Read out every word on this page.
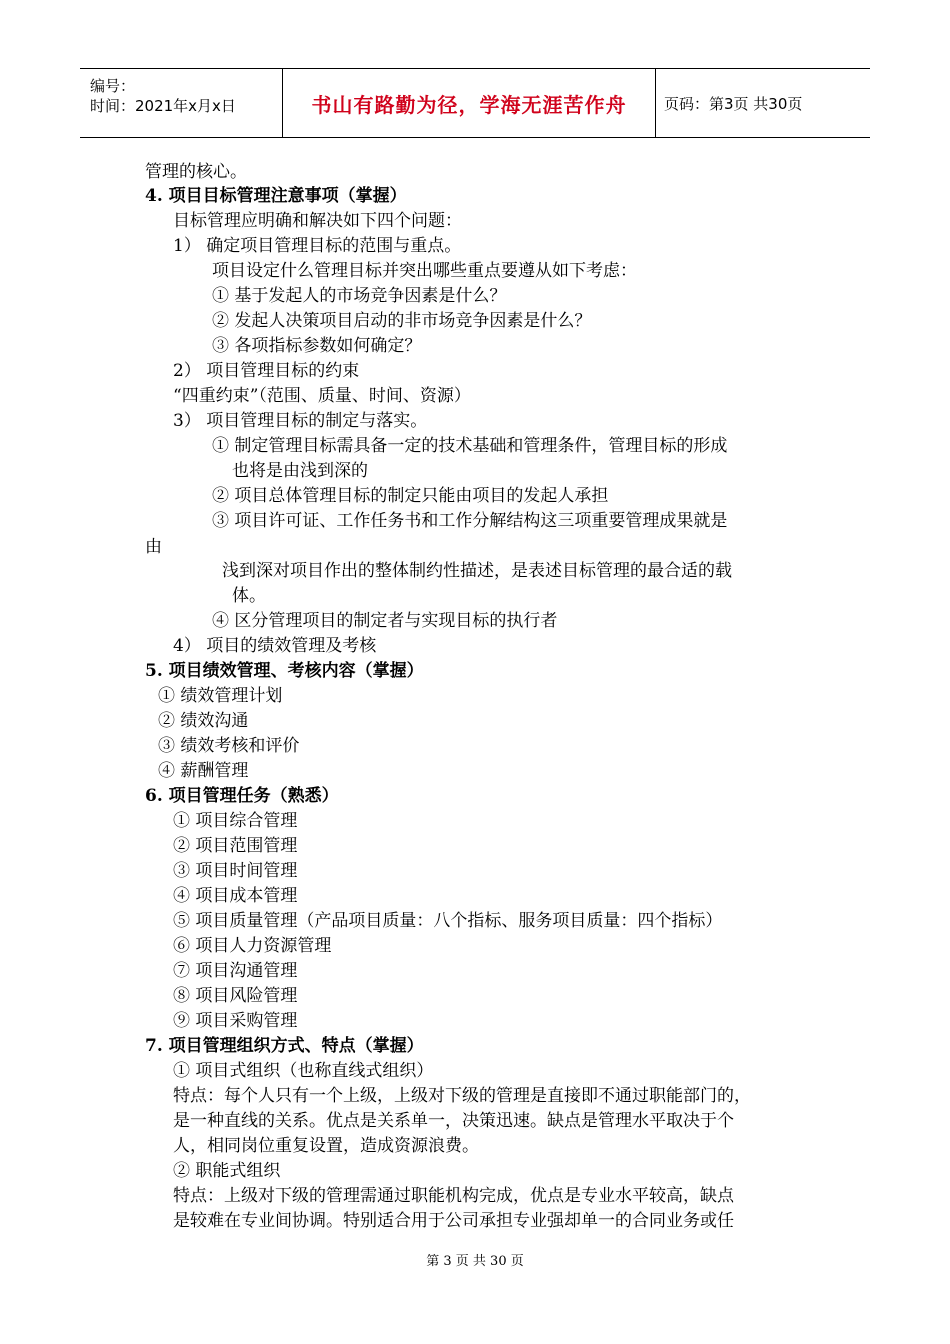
编号：
时间：2021年x月x日	书山有路勤为径，学海无涯苦作舟	页码：第3页 共30页
管理的核心。
4. 项目目标管理注意事项（掌握）
目标管理应明确和解决如下四个问题：
1） 确定项目管理目标的范围与重点。
项目设定什么管理目标并突出哪些重点要遵从如下考虑：
① 基于发起人的市场竞争因素是什么？
② 发起人决策项目启动的非市场竞争因素是什么？
③ 各项指标参数如何确定？
2） 项目管理目标的约束
“四重约束”（范围、质量、时间、资源）
3） 项目管理目标的制定与落实。
① 制定管理目标需具备一定的技术基础和管理条件，管理目标的形成
也将是由浅到深的
② 项目总体管理目标的制定只能由项目的发起人承担
③ 项目许可证、工作任务书和工作分解结构这三项重要管理成果就是
由
浅到深对项目作出的整体制约性描述，是表述目标管理的最合适的载
体。
④ 区分管理项目的制定者与实现目标的执行者
4） 项目的绩效管理及考核
5. 项目绩效管理、考核内容（掌握）
① 绩效管理计划
② 绩效沟通
③ 绩效考核和评价
④ 薪酬管理
6. 项目管理任务（熟悉）
① 项目综合管理
② 项目范围管理
③ 项目时间管理
④ 项目成本管理
⑤ 项目质量管理（产品项目质量：八个指标、服务项目质量：四个指标）
⑥ 项目人力资源管理
⑦ 项目沟通管理
⑧ 项目风险管理
⑨ 项目采购管理
7. 项目管理组织方式、特点（掌握）
① 项目式组织（也称直线式组织）
特点：每个人只有一个上级，上级对下级的管理是直接即不通过职能部门的，
是一种直线的关系。优点是关系单一，决策迅速。缺点是管理水平取决于个
人，相同岗位重复设置，造成资源浪费。
② 职能式组织
特点：上级对下级的管理需通过职能机构完成，优点是专业水平较高，缺点
是较难在专业间协调。特别适合用于公司承担专业强却单一的合同业务或任
第 3 页 共 30 页
